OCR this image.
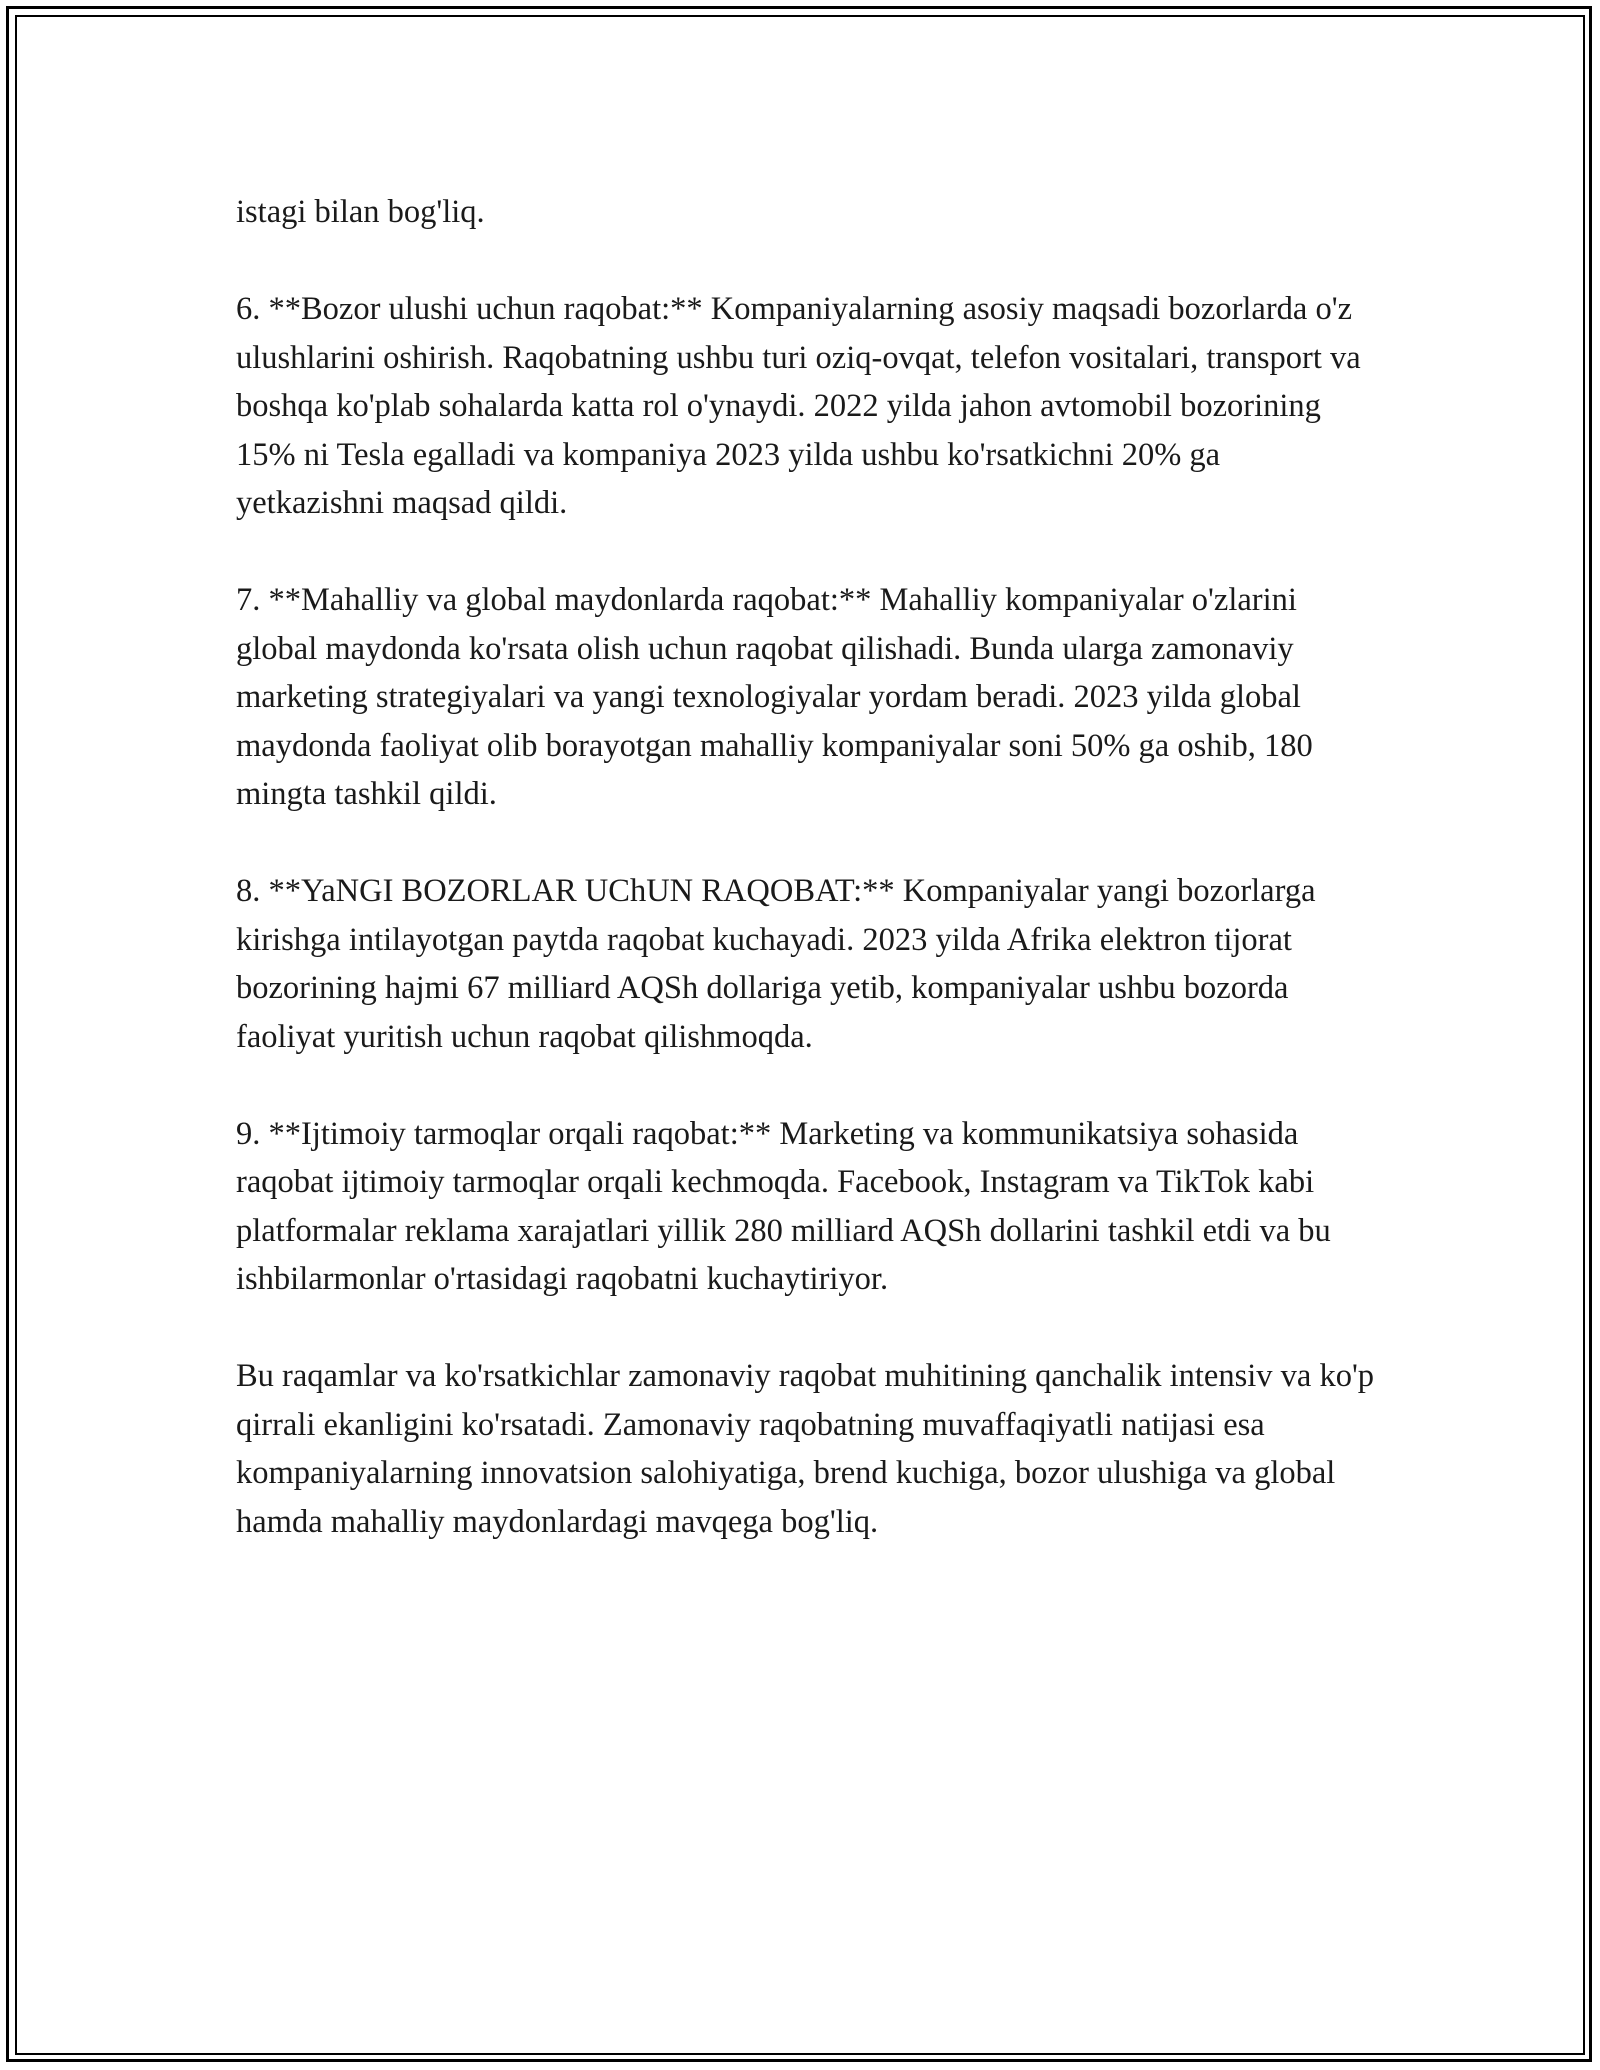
istagi bilan bog'liq.

6. **Bozor ulushi uchun raqobat:** Kompaniyalarning asosiy maqsadi bozorlarda o'z ulushlarini oshirish. Raqobatning ushbu turi oziq-ovqat, telefon vositalari, transport va boshqa ko'plab sohalarda katta rol o'ynaydi. 2022 yilda jahon avtomobil bozorining 15% ni Tesla egalladi va kompaniya 2023 yilda ushbu ko'rsatkichni 20% ga yetkazishni maqsad qildi.

7. **Mahalliy va global maydonlarda raqobat:** Mahalliy kompaniyalar o'zlarini global maydonda ko'rsata olish uchun raqobat qilishadi. Bunda ularga zamonaviy marketing strategiyalari va yangi texnologiyalar yordam beradi. 2023 yilda global maydonda faoliyat olib borayotgan mahalliy kompaniyalar soni 50% ga oshib, 180 mingta tashkil qildi.

8. **YaNGI BOZORLAR UChUN RAQOBAT:** Kompaniyalar yangi bozorlarga kirishga intilayotgan paytda raqobat kuchayadi. 2023 yilda Afrika elektron tijorat bozorining hajmi 67 milliard AQSh dollariga yetib, kompaniyalar ushbu bozorda faoliyat yuritish uchun raqobat qilishmoqda.

9. **Ijtimoiy tarmoqlar orqali raqobat:** Marketing va kommunikatsiya sohasida raqobat ijtimoiy tarmoqlar orqali kechmoqda. Facebook, Instagram va TikTok kabi platformalar reklama xarajatlari yillik 280 milliard AQSh dollarini tashkil etdi va bu ishbilarmonlar o'rtasidagi raqobatni kuchaytiriyor.

Bu raqamlar va ko'rsatkichlar zamonaviy raqobat muhitining qanchalik intensiv va ko'p qirrali ekanligini ko'rsatadi. Zamonaviy raqobatning muvaffaqiyatli natijasi esa kompaniyalarning innovatsion salohiyatiga, brend kuchiga, bozor ulushiga va global hamda mahalliy maydonlardagi mavqega bog'liq.
